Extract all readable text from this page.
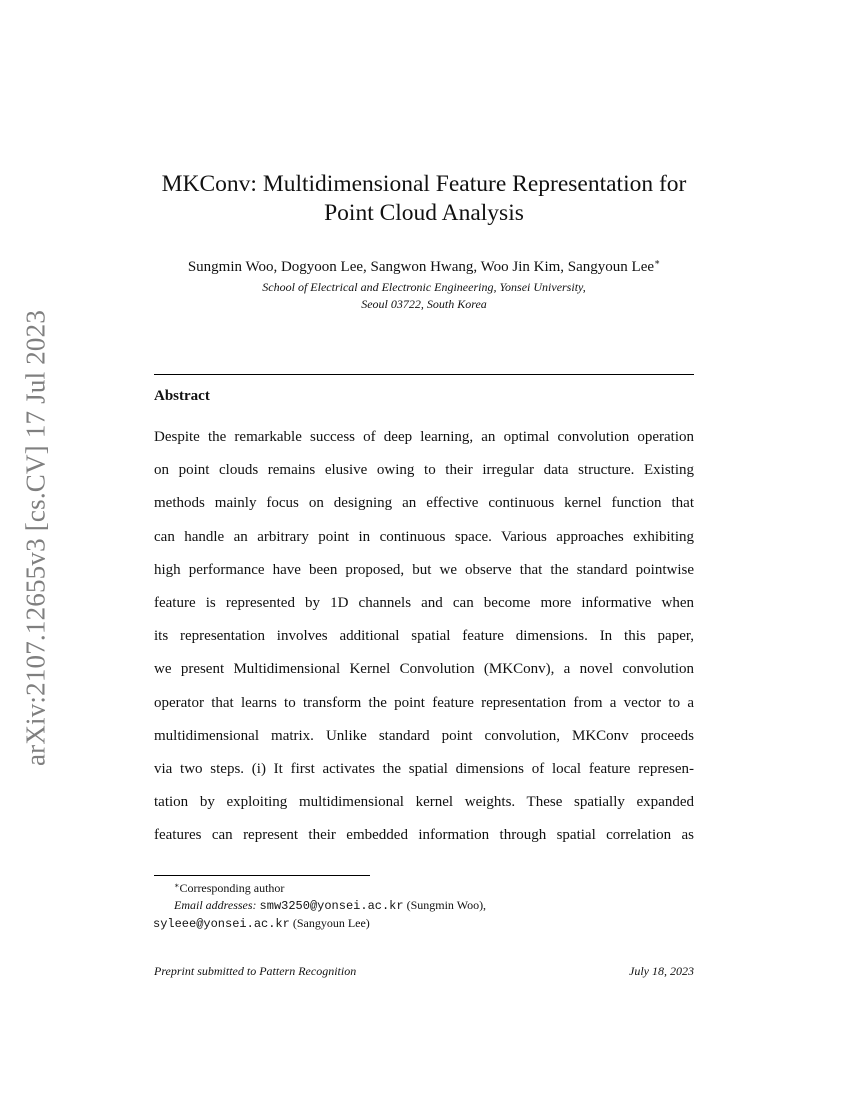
arXiv:2107.12655v3 [cs.CV] 17 Jul 2023
MKConv: Multidimensional Feature Representation for
Point Cloud Analysis
Sungmin Woo, Dogyoon Lee, Sangwon Hwang, Woo Jin Kim, Sangyoun Lee∗
School of Electrical and Electronic Engineering, Yonsei University,
Seoul 03722, South Korea
Abstract
Despite the remarkable success of deep learning, an optimal convolution operation
on point clouds remains elusive owing to their irregular data structure. Existing
methods mainly focus on designing an effective continuous kernel function that
can handle an arbitrary point in continuous space. Various approaches exhibiting
high performance have been proposed, but we observe that the standard pointwise
feature is represented by 1D channels and can become more informative when
its representation involves additional spatial feature dimensions. In this paper,
we present Multidimensional Kernel Convolution (MKConv), a novel convolution
operator that learns to transform the point feature representation from a vector to a
multidimensional matrix. Unlike standard point convolution, MKConv proceeds
via two steps. (i) It first activates the spatial dimensions of local feature represen-
tation by exploiting multidimensional kernel weights. These spatially expanded
features can represent their embedded information through spatial correlation as
∗Corresponding author
Email addresses: smw3250@yonsei.ac.kr (Sungmin Woo),
syleee@yonsei.ac.kr (Sangyoun Lee)
Preprint submitted to Pattern Recognition	July 18, 2023
